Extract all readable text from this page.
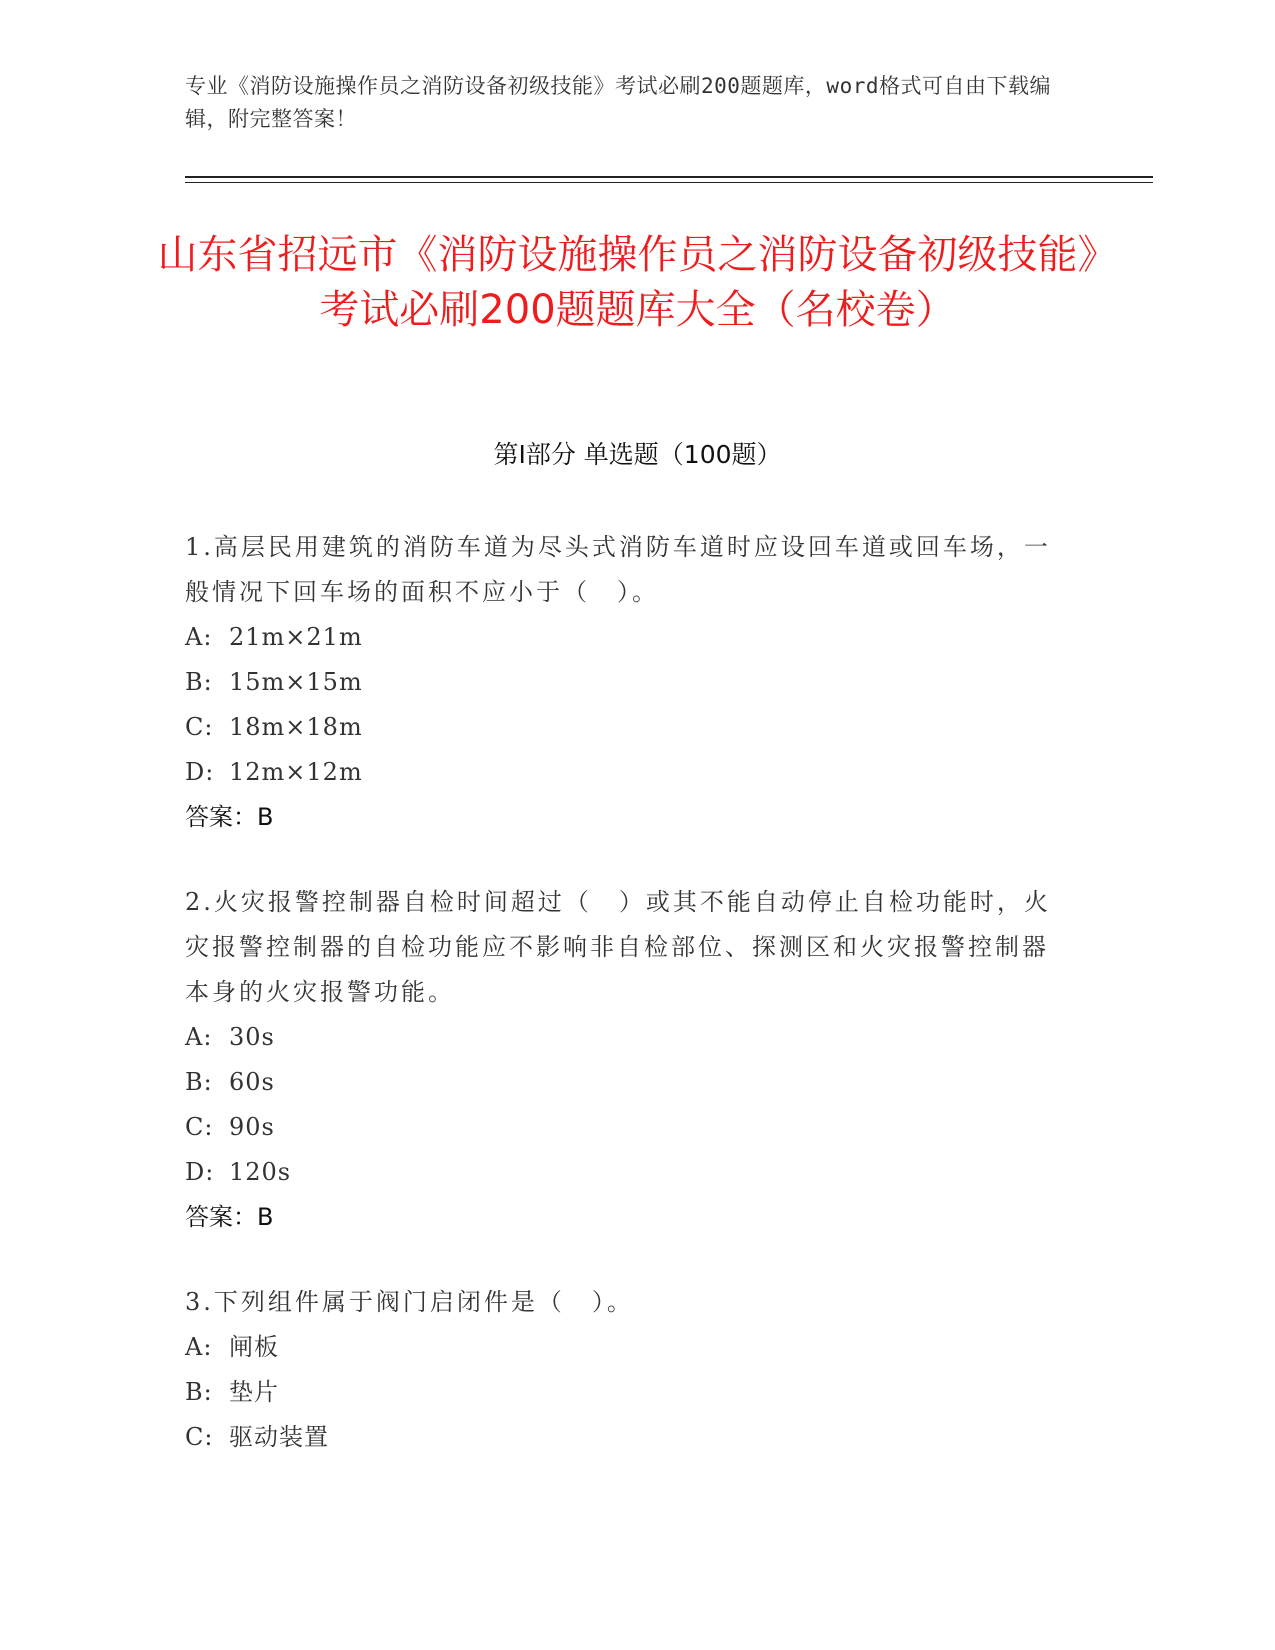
专业《消防设施操作员之消防设备初级技能》考试必刷200题题库，word格式可自由下载编辑，附完整答案！
山东省招远市《消防设施操作员之消防设备初级技能》考试必刷200题题库大全（名校卷）
第I部分 单选题（100题）
1.高层民用建筑的消防车道为尽头式消防车道时应设回车道或回车场，一般情况下回车场的面积不应小于（　）。
A: 21m×21m
B: 15m×15m
C: 18m×18m
D: 12m×12m
答案：B
2.火灾报警控制器自检时间超过（　）或其不能自动停止自检功能时，火灾报警控制器的自检功能应不影响非自检部位、探测区和火灾报警控制器本身的火灾报警功能。
A: 30s
B: 60s
C: 90s
D: 120s
答案：B
3.下列组件属于阀门启闭件是（　）。
A: 闸板
B: 垫片
C: 驱动装置
